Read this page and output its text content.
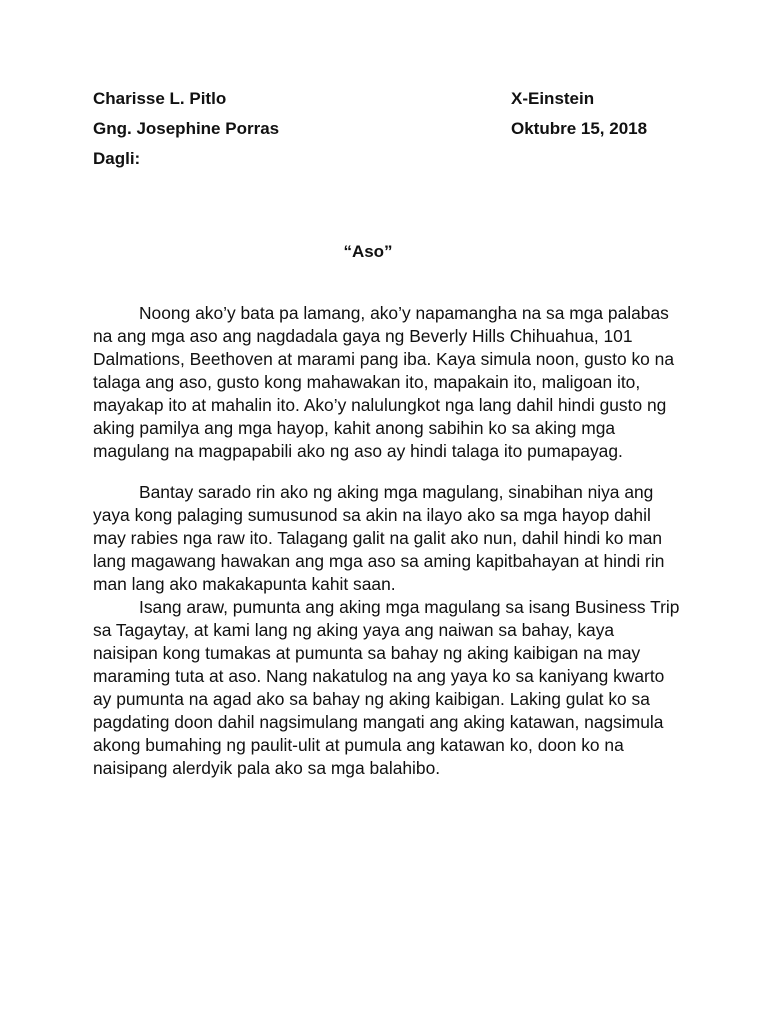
Charisse L. Pitlo	X-Einstein
Gng. Josephine Porras	Oktubre 15, 2018
Dagli:
“Aso”

Noong ako’y bata pa lamang, ako’y napamangha na sa mga palabas na ang mga aso ang nagdadala gaya ng Beverly Hills Chihuahua, 101 Dalmations, Beethoven at marami pang iba. Kaya simula noon, gusto ko na talaga ang aso, gusto kong mahawakan ito, mapakain ito, maligoan ito, mayakap ito at mahalin ito. Ako’y nalulungkot nga lang dahil hindi gusto ng aking pamilya ang mga hayop, kahit anong sabihin ko sa aking mga magulang na magpapabili ako ng aso ay hindi talaga ito pumapayag.

Bantay sarado rin ako ng aking mga magulang, sinabihan niya ang yaya kong palaging sumusunod sa akin na ilayo ako sa mga hayop dahil may rabies nga raw ito. Talagang galit na galit ako nun, dahil hindi ko man lang magawang hawakan ang mga aso sa aming kapitbahayan at hindi rin man lang ako makakapunta kahit saan.

Isang araw, pumunta ang aking mga magulang sa isang Business Trip sa Tagaytay, at kami lang ng aking yaya ang naiwan sa bahay, kaya naisipan kong tumakas at pumunta sa bahay ng aking kaibigan na may maraming tuta at aso. Nang nakatulog na ang yaya ko sa kaniyang kwarto ay pumunta na agad ako sa bahay ng aking kaibigan. Laking gulat ko sa pagdating doon dahil nagsimulang mangati ang aking katawan, nagsimula akong bumahing ng paulit-ulit at pumula ang katawan ko, doon ko na naisipang alerdyik pala ako sa mga balahibo.
